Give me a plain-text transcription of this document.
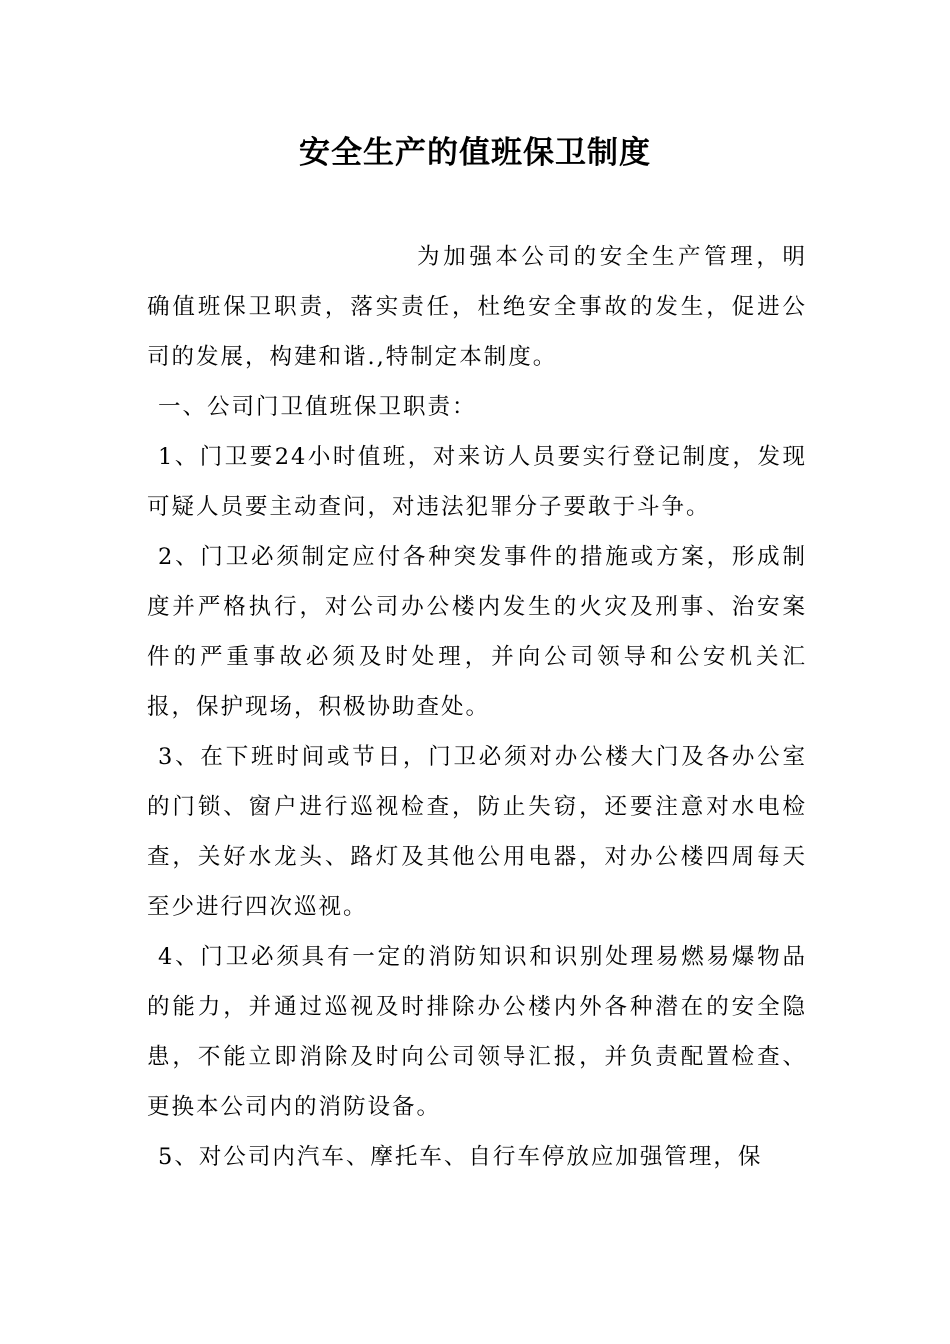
安全生产的值班保卫制度

为加强本公司的安全生产管理，明确值班保卫职责，落实责任，杜绝安全事故的发生，促进公司的发展，构建和谐.,特制定本制度。

一、公司门卫值班保卫职责：

1、门卫要24小时值班，对来访人员要实行登记制度，发现可疑人员要主动查问，对违法犯罪分子要敢于斗争。

2、门卫必须制定应付各种突发事件的措施或方案，形成制度并严格执行，对公司办公楼内发生的火灾及刑事、治安案件的严重事故必须及时处理，并向公司领导和公安机关汇报，保护现场，积极协助查处。

3、在下班时间或节日，门卫必须对办公楼大门及各办公室的门锁、窗户进行巡视检查，防止失窃，还要注意对水电检查，关好水龙头、路灯及其他公用电器，对办公楼四周每天至少进行四次巡视。

4、门卫必须具有一定的消防知识和识别处理易燃易爆物品的能力，并通过巡视及时排除办公楼内外各种潜在的安全隐患，不能立即消除及时向公司领导汇报，并负责配置检查、更换本公司内的消防设备。

5、对公司内汽车、摩托车、自行车停放应加强管理，保
